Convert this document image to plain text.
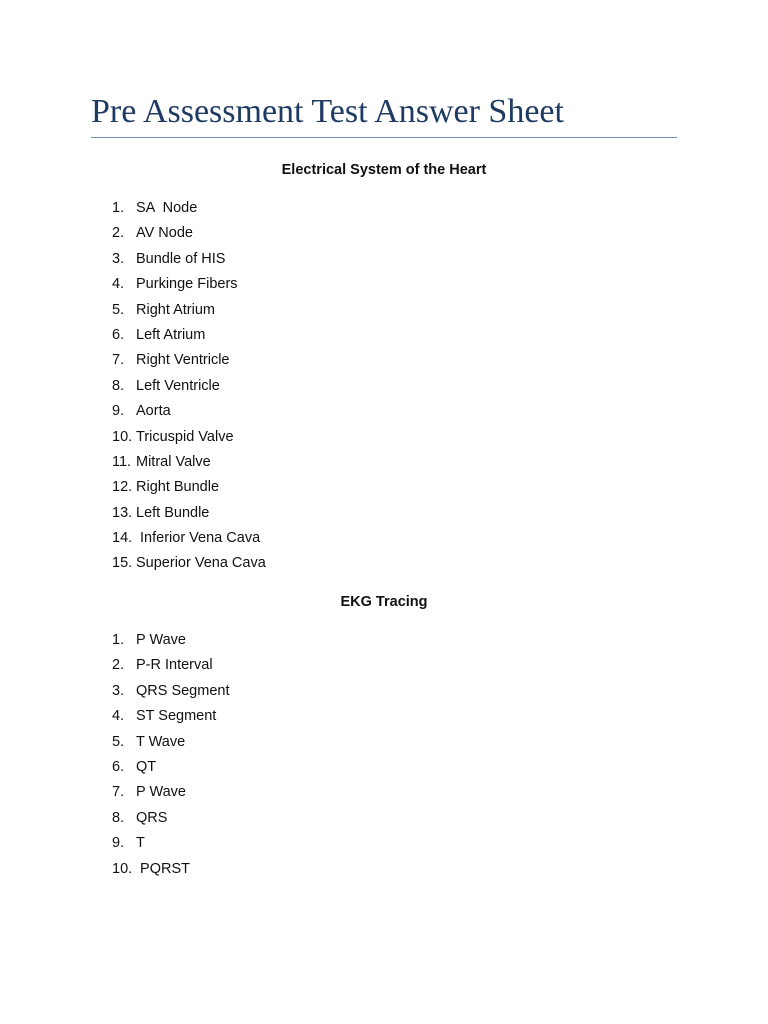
Pre Assessment Test Answer Sheet
Electrical System of the Heart
1. SA  Node
2. AV Node
3. Bundle of HIS
4. Purkinge Fibers
5. Right Atrium
6. Left Atrium
7. Right Ventricle
8. Left Ventricle
9. Aorta
10. Tricuspid Valve
11. Mitral Valve
12. Right Bundle
13. Left Bundle
14. Inferior Vena Cava
15. Superior Vena Cava
EKG Tracing
1. P Wave
2. P-R Interval
3. QRS Segment
4. ST Segment
5. T Wave
6. QT
7. P Wave
8. QRS
9. T
10. PQRST
